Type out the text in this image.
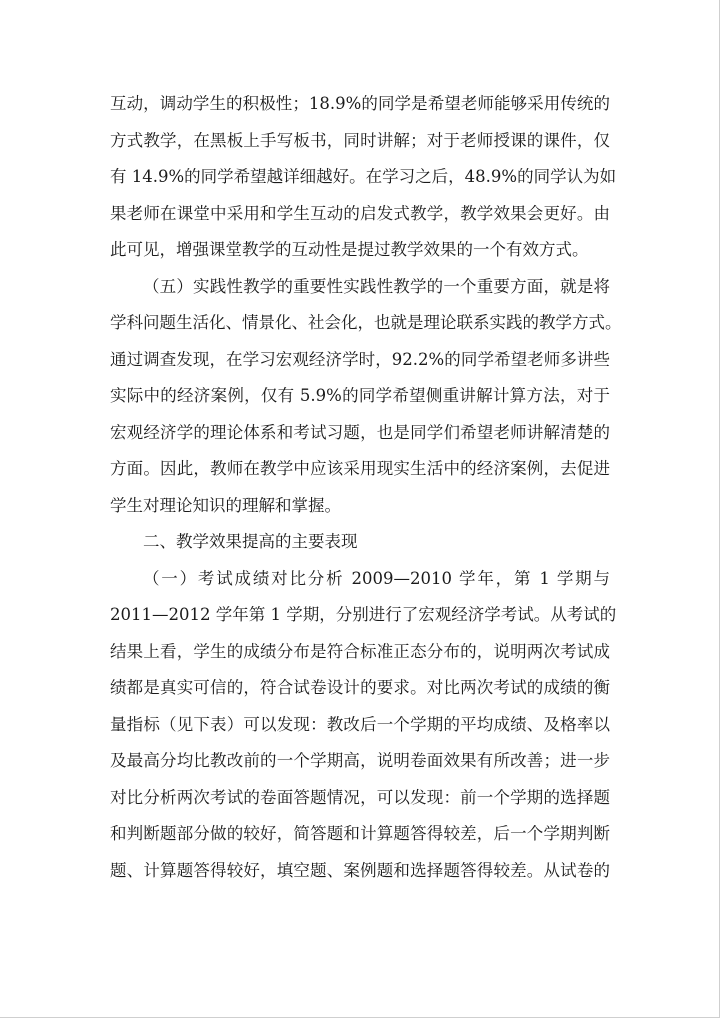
互动，调动学生的积极性；18.9%的同学是希望老师能够采用传统的
方式教学，在黑板上手写板书，同时讲解；对于老师授课的课件，仅
有 14.9%的同学希望越详细越好。在学习之后，48.9%的同学认为如
果老师在课堂中采用和学生互动的启发式教学，教学效果会更好。由
此可见，增强课堂教学的互动性是提过教学效果的一个有效方式。
（五）实践性教学的重要性实践性教学的一个重要方面，就是将
学科问题生活化、情景化、社会化，也就是理论联系实践的教学方式。
通过调查发现，在学习宏观经济学时，92.2%的同学希望老师多讲些
实际中的经济案例，仅有 5.9%的同学希望侧重讲解计算方法，对于
宏观经济学的理论体系和考试习题，也是同学们希望老师讲解清楚的
方面。因此，教师在教学中应该采用现实生活中的经济案例，去促进
学生对理论知识的理解和掌握。
二、教学效果提高的主要表现
（一）考试成绩对比分析 2009—2010 学年，第 1 学期与
2011—2012 学年第 1 学期，分别进行了宏观经济学考试。从考试的
结果上看，学生的成绩分布是符合标准正态分布的，说明两次考试成
绩都是真实可信的，符合试卷设计的要求。对比两次考试的成绩的衡
量指标（见下表）可以发现：教改后一个学期的平均成绩、及格率以
及最高分均比教改前的一个学期高，说明卷面效果有所改善；进一步
对比分析两次考试的卷面答题情况，可以发现：前一个学期的选择题
和判断题部分做的较好，简答题和计算题答得较差，后一个学期判断
题、计算题答得较好，填空题、案例题和选择题答得较差。从试卷的
